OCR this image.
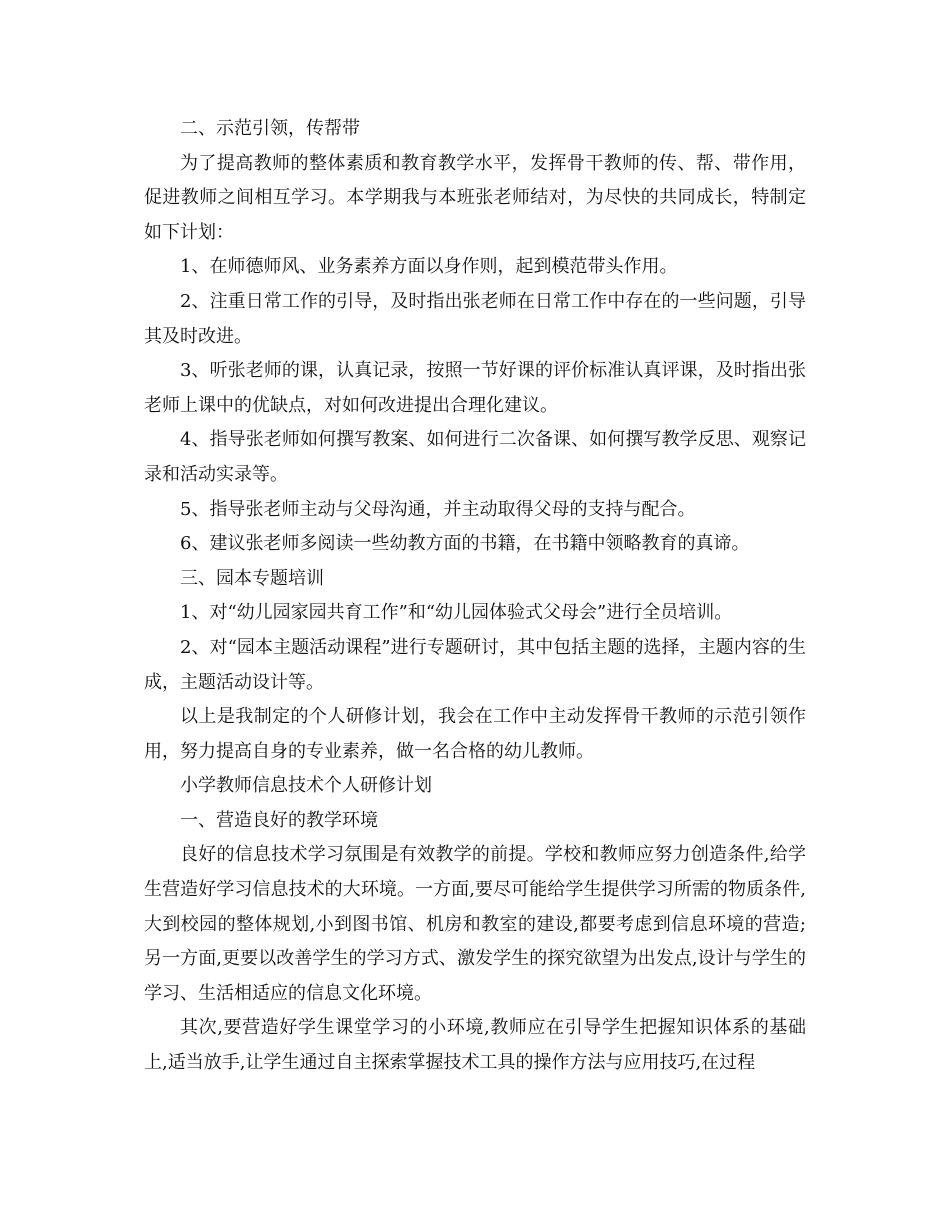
二、示范引领，传帮带

为了提高教师的整体素质和教育教学水平，发挥骨干教师的传、帮、带作用，促进教师之间相互学习。本学期我与本班张老师结对，为尽快的共同成长，特制定如下计划：

1、在师德师风、业务素养方面以身作则，起到模范带头作用。

2、注重日常工作的引导，及时指出张老师在日常工作中存在的一些问题，引导其及时改进。

3、听张老师的课，认真记录，按照一节好课的评价标准认真评课，及时指出张老师上课中的优缺点，对如何改进提出合理化建议。

4、指导张老师如何撰写教案、如何进行二次备课、如何撰写教学反思、观察记录和活动实录等。

5、指导张老师主动与父母沟通，并主动取得父母的支持与配合。

6、建议张老师多阅读一些幼教方面的书籍，在书籍中领略教育的真谛。

三、园本专题培训

1、对“幼儿园家园共育工作”和“幼儿园体验式父母会”进行全员培训。

2、对“园本主题活动课程”进行专题研讨，其中包括主题的选择，主题内容的生成，主题活动设计等。

以上是我制定的个人研修计划，我会在工作中主动发挥骨干教师的示范引领作用，努力提高自身的专业素养，做一名合格的幼儿教师。

小学教师信息技术个人研修计划

一、营造良好的教学环境

良好的信息技术学习氛围是有效教学的前提。学校和教师应努力创造条件,给学生营造好学习信息技术的大环境。一方面,要尽可能给学生提供学习所需的物质条件,大到校园的整体规划,小到图书馆、机房和教室的建设,都要考虑到信息环境的营造;另一方面,更要以改善学生的学习方式、激发学生的探究欲望为出发点,设计与学生的学习、生活相适应的信息文化环境。

其次,要营造好学生课堂学习的小环境,教师应在引导学生把握知识体系的基础上,适当放手,让学生通过自主探索掌握技术工具的操作方法与应用技巧,在过程
